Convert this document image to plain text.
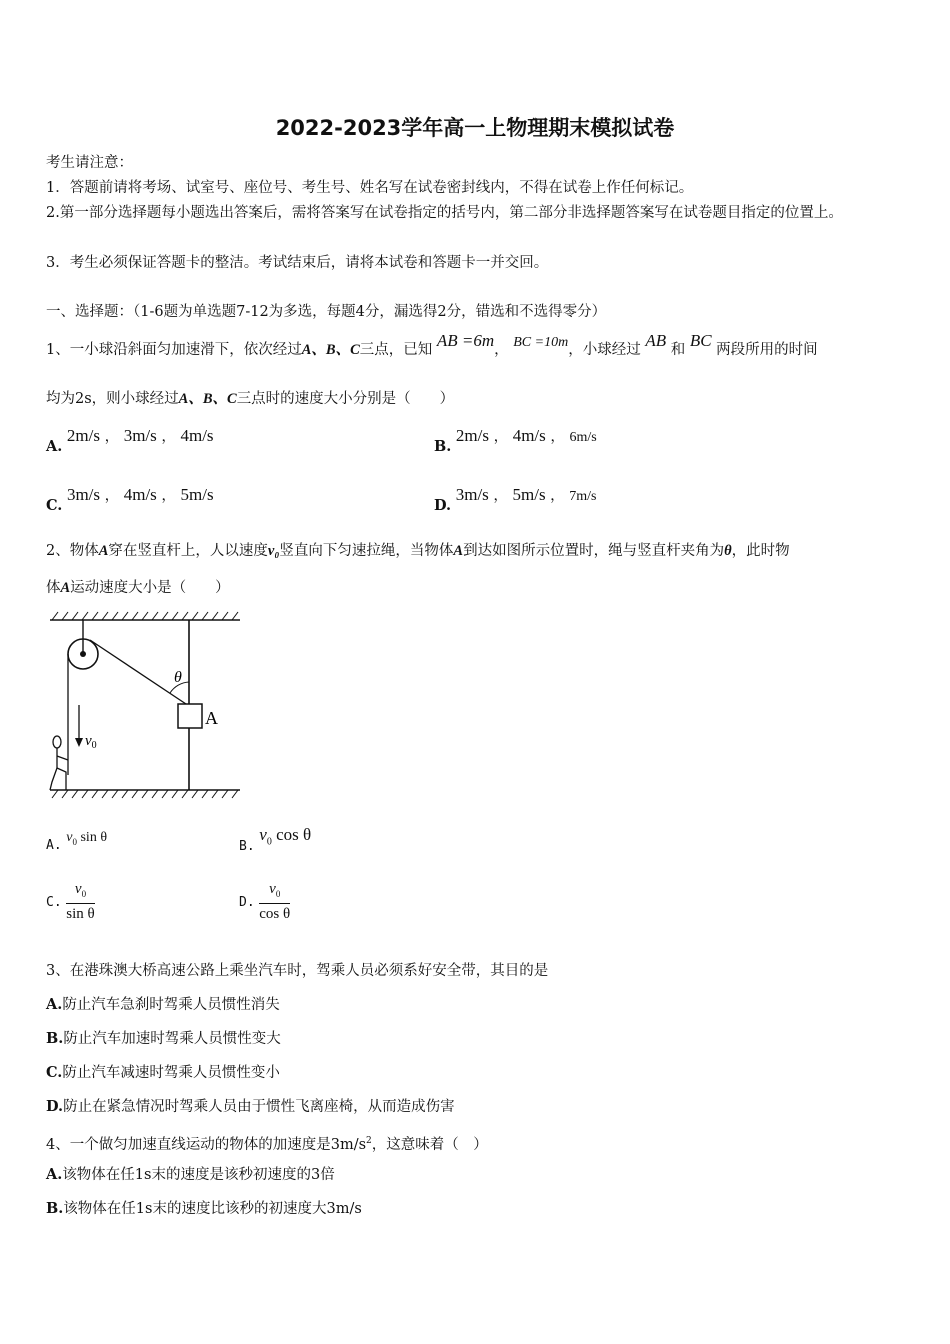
2022-2023学年高一上物理期末模拟试卷
考生请注意：
1．答题前请将考场、试室号、座位号、考生号、姓名写在试卷密封线内，不得在试卷上作任何标记。
2.第一部分选择题每小题选出答案后，需将答案写在试卷指定的括号内，第二部分非选择题答案写在试卷题目指定的位置上。
3．考生必须保证答题卡的整洁。考试结束后，请将本试卷和答题卡一并交回。
一、选择题：（1-6题为单选题7-12为多选，每题4分，漏选得2分，错选和不选得零分）
1、一小球沿斜面匀加速滑下，依次经过A、B、C三点，已知 AB =6m， BC =10m，小球经过 AB 和 BC 两段所用的时间
均为2s，则小球经过A、B、C三点时的速度大小分别是（　　）
A. 2m/s ， 3m/s ， 4m/s
B. 2m/s ， 4m/s ， 6m/s
C. 3m/s ， 4m/s ， 5m/s
D. 3m/s ， 5m/s ， 7m/s
2、物体A穿在竖直杆上，人以速度v₀竖直向下匀速拉绳，当物体A到达如图所示位置时，绳与竖直杆夹角为θ，此时物
体A运动速度大小是（　　）
θ
A
$v_0$
A. $v_0$ sin θ
B. $v_0$ cos θ
C. $\frac{v_0}{\text{sin θ}}$	D. $\frac{v_0}{\text{cos θ}}$
3、在港珠澳大桥高速公路上乘坐汽车时，驾乘人员必须系好安全带，其目的是
A.防止汽车急刹时驾乘人员惯性消失
B.防止汽车加速时驾乘人员惯性变大
C.防止汽车减速时驾乘人员惯性变小
D.防止在紧急情况时驾乘人员由于惯性飞离座椅，从而造成伤害
4、一个做匀加速直线运动的物体的加速度是$3m/s^2$，这意味着（　）
A.该物体在任1s末的速度是该秒初速度的3倍
B.该物体在任1s末的速度比该秒的初速度大3m/s
